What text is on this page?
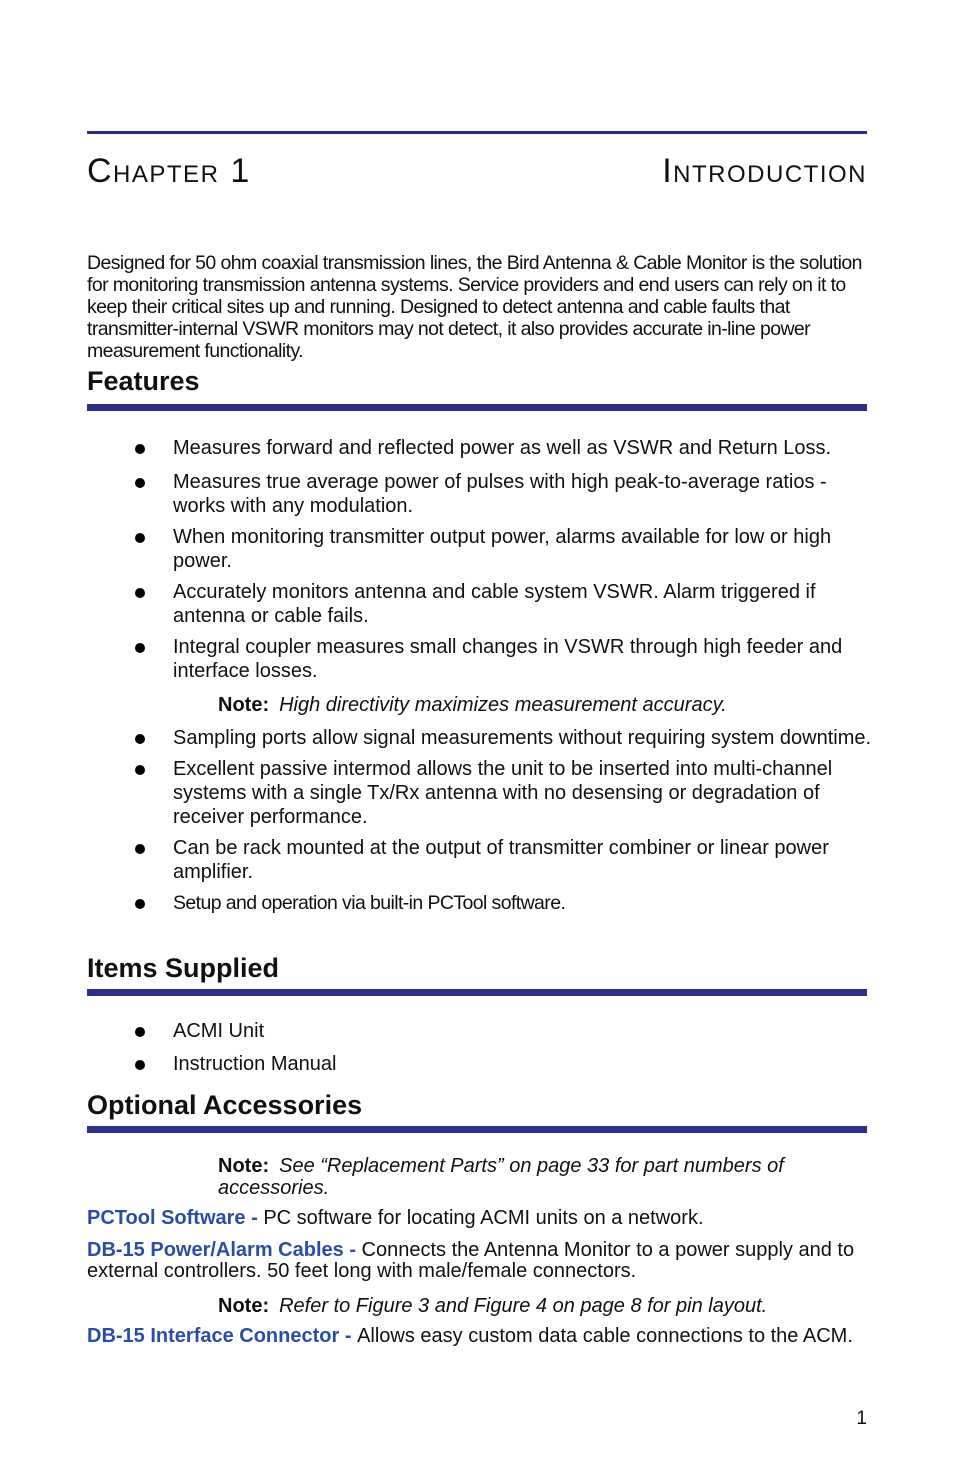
Chapter 1	Introduction

Designed for 50 ohm coaxial transmission lines, the Bird Antenna & Cable Monitor is the solution for monitoring transmission antenna systems. Service providers and end users can rely on it to keep their critical sites up and running. Designed to detect antenna and cable faults that transmitter-internal VSWR monitors may not detect, it also provides accurate in-line power measurement functionality.

Features
Measures forward and reflected power as well as VSWR and Return Loss.
Measures true average power of pulses with high peak-to-average ratios - works with any modulation.
When monitoring transmitter output power, alarms available for low or high power.
Accurately monitors antenna and cable system VSWR. Alarm triggered if antenna or cable fails.
Integral coupler measures small changes in VSWR through high feeder and interface losses.
Note: High directivity maximizes measurement accuracy.
Sampling ports allow signal measurements without requiring system downtime.
Excellent passive intermod allows the unit to be inserted into multi-channel systems with a single Tx/Rx antenna with no desensing or degradation of receiver performance.
Can be rack mounted at the output of transmitter combiner or linear power amplifier.
Setup and operation via built-in PCTool software.
Items Supplied
ACMI Unit
Instruction Manual
Optional Accessories
Note: See “Replacement Parts” on page 33 for part numbers of accessories.

PCTool Software - PC software for locating ACMI units on a network.

DB-15 Power/Alarm Cables - Connects the Antenna Monitor to a power supply and to external controllers. 50 feet long with male/female connectors.

Note: Refer to Figure 3 and Figure 4 on page 8 for pin layout.

DB-15 Interface Connector - Allows easy custom data cable connections to the ACM.

1
